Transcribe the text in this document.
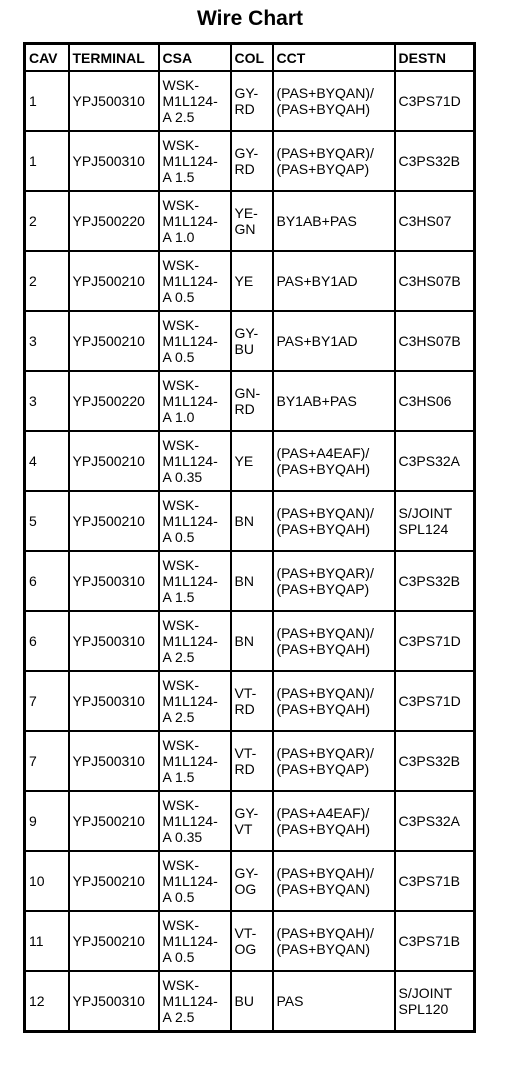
Wire Chart
CAV	TERMINAL	CSA	COL	CCT	DESTN
1	YPJ500310	WSK-
M1L124-
A 2.5	GY-
RD	(PAS+BYQAN)/
(PAS+BYQAH)	C3PS71D

1	YPJ500310	WSK-
M1L124-
A 1.5	GY-
RD	(PAS+BYQAR)/
(PAS+BYQAP)	C3PS32B

2	YPJ500220	WSK-
M1L124-
A 1.0	YE-
GN	BY1AB+PAS	C3HS07

2	YPJ500210	WSK-
M1L124-
A 0.5	YE	PAS+BY1AD	C3HS07B

3	YPJ500210	WSK-
M1L124-
A 0.5	GY-
BU	PAS+BY1AD	C3HS07B

3	YPJ500220	WSK-
M1L124-
A 1.0	GN-
RD	BY1AB+PAS	C3HS06

4	YPJ500210	WSK-
M1L124-
A 0.35	YE	(PAS+A4EAF)/
(PAS+BYQAH)	C3PS32A

5	YPJ500210	WSK-
M1L124-
A 0.5	BN	(PAS+BYQAN)/
(PAS+BYQAH)	S/JOINT
SPL124

6	YPJ500310	WSK-
M1L124-
A 1.5	BN	(PAS+BYQAR)/
(PAS+BYQAP)	C3PS32B

6	YPJ500310	WSK-
M1L124-
A 2.5	BN	(PAS+BYQAN)/
(PAS+BYQAH)	C3PS71D

7	YPJ500310	WSK-
M1L124-
A 2.5	VT-
RD	(PAS+BYQAN)/
(PAS+BYQAH)	C3PS71D

7	YPJ500310	WSK-
M1L124-
A 1.5	VT-
RD	(PAS+BYQAR)/
(PAS+BYQAP)	C3PS32B

9	YPJ500210	WSK-
M1L124-
A 0.35	GY-
VT	(PAS+A4EAF)/
(PAS+BYQAH)	C3PS32A

10	YPJ500210	WSK-
M1L124-
A 0.5	GY-
OG	(PAS+BYQAH)/
(PAS+BYQAN)	C3PS71B

11	YPJ500210	WSK-
M1L124-
A 0.5	VT-
OG	(PAS+BYQAH)/
(PAS+BYQAN)	C3PS71B

12	YPJ500310	WSK-
M1L124-
A 2.5	BU	PAS	S/JOINT
SPL120
